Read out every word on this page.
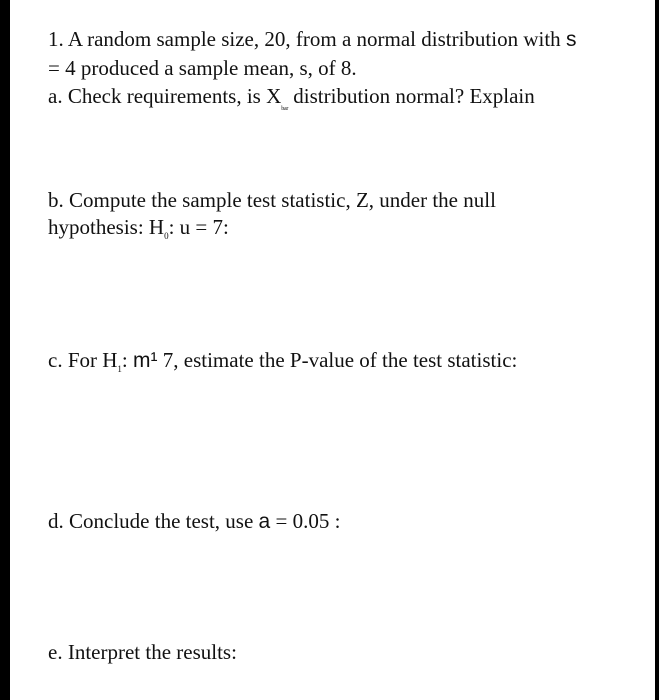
1. A random sample size, 20, from a normal distribution with s
= 4 produced a sample mean, s, of 8.
a. Check requirements, is $X_{bar}$ distribution normal? Explain
b. Compute the sample test statistic, Z, under the null
hypothesis: $H_0$: u = 7:
c. For $H_1$: m¹ 7, estimate the P-value of the test statistic:
d. Conclude the test, use a = 0.05 :
e. Interpret the results:
